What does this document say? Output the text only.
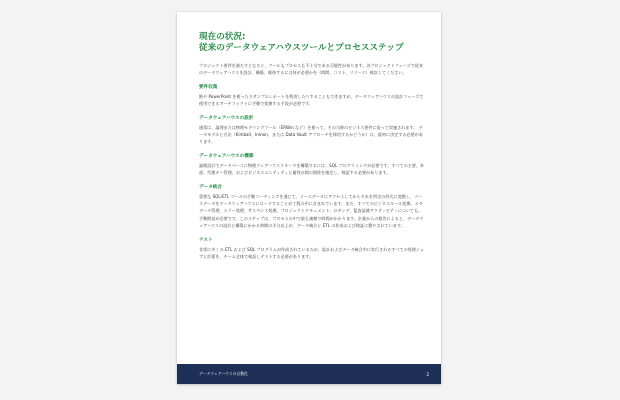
現在の状況:
従来のデータウェアハウスツールとプロセスステップ

プロジェクト要件を満たすとなると、ツールもプロセスも不十分である可能性があります。各プロジェクトフェーズで従来のデータウェアハウスを設計、構築、維持するには何が必要かを（時間、コスト、リソース）検討してください。

要件収集

紙や PowerPoint を使ったりサンプルレポートを利用したりすることもできますが、データウェアハウスの設計フェーズで使用できるアーチファクトに手動で変換する手段が必要です。

データウェアハウスの設計

通常は、論理または物理モデリングツール（ERWin など）を使って、その当時のビジネス要件に従って実施されます。 データモデルと方法（Kimball、Inmon、または Data Vault アプローチを採用するかどうか）は、最初に決定する必要があります。

データウェアハウスの構築

論理設計でデータベースに物理ウェアハウススキーマを構築するには、SQL プログラミングが必要です。すべての主要、外部、代理キー管理、およびビジネスエンティティと属性の間の関係を指定し、検証する必要があります。

データ統合

重要な SQL/ETL ツールの手動コーディングを通じて、ソースデータにアクセスしてからそれを所定の形式に変換し、ソースデータをデータウェアハウスにロードすることが工程の中に含まれています。また、すべてのビジネスルール変換、メタデータ管理、エラー処理、サスペンス処理、プロジェクトドキュメント、ロギング、監査証跡アクティビティについても、手動開発が必要です。このステップは、プロセスの中で最も複雑で時間がかかります。企業からの報告によると、データウェアハウスの設計と構築にかかる時間の半分以上が、データ統合と ETL の作成および検証に費やされています。

テスト

非常に多くの ETL および SQL プログラムが作成されているため、設計およびデータ統合中に実行されるすべての処理ジョブと計算を、チーム全体で検証しテストする必要があります。

データウェアハウスの自動化	2
